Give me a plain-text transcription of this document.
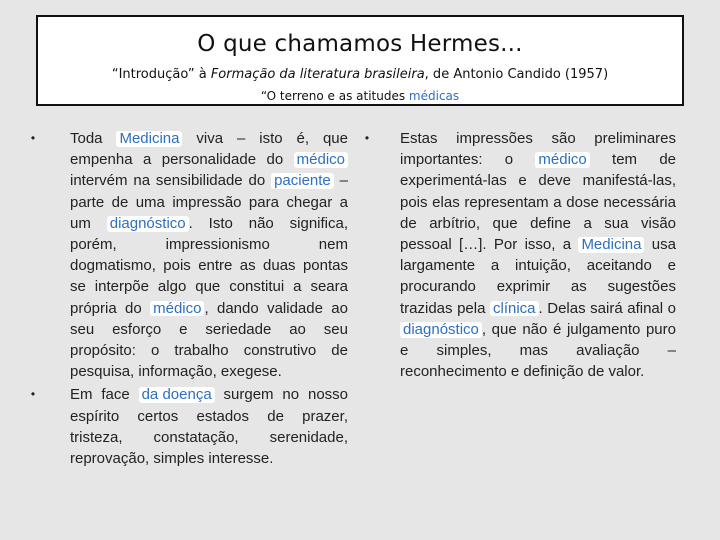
O que chamamos Hermes...
“Introdução” à Formação da literatura brasileira, de Antonio Candido (1957)
“O terreno e as atitudes médicas
•	Toda Medicina viva – isto é, que empenha a personalidade do médico intervém na sensibilidade do paciente – parte de uma impressão para chegar a um diagnóstico . Isto não significa, porém, impressionismo nem dogmatismo, pois entre as duas pontas se interpõe algo que constitui a seara própria do médico , dando validade ao seu esforço e seriedade ao seu propósito: o trabalho construtivo de pesquisa, informação, exegese.
•	Em face da doença surgem no nosso espírito certos estados de prazer, tristeza, constatação, serenidade, reprovação, simples interesse.
•	Estas impressões são preliminares importantes: o médico tem de experimentá-las e deve manifestá-las, pois elas representam a dose necessária de arbítrio, que define a sua visão pessoal […]. Por isso, a Medicina usa largamente a intuição, aceitando e procurando exprimir as sugestões trazidas pela clínica . Delas sairá afinal o diagnóstico , que não é julgamento puro e simples, mas avaliação – reconhecimento e definição de valor.
